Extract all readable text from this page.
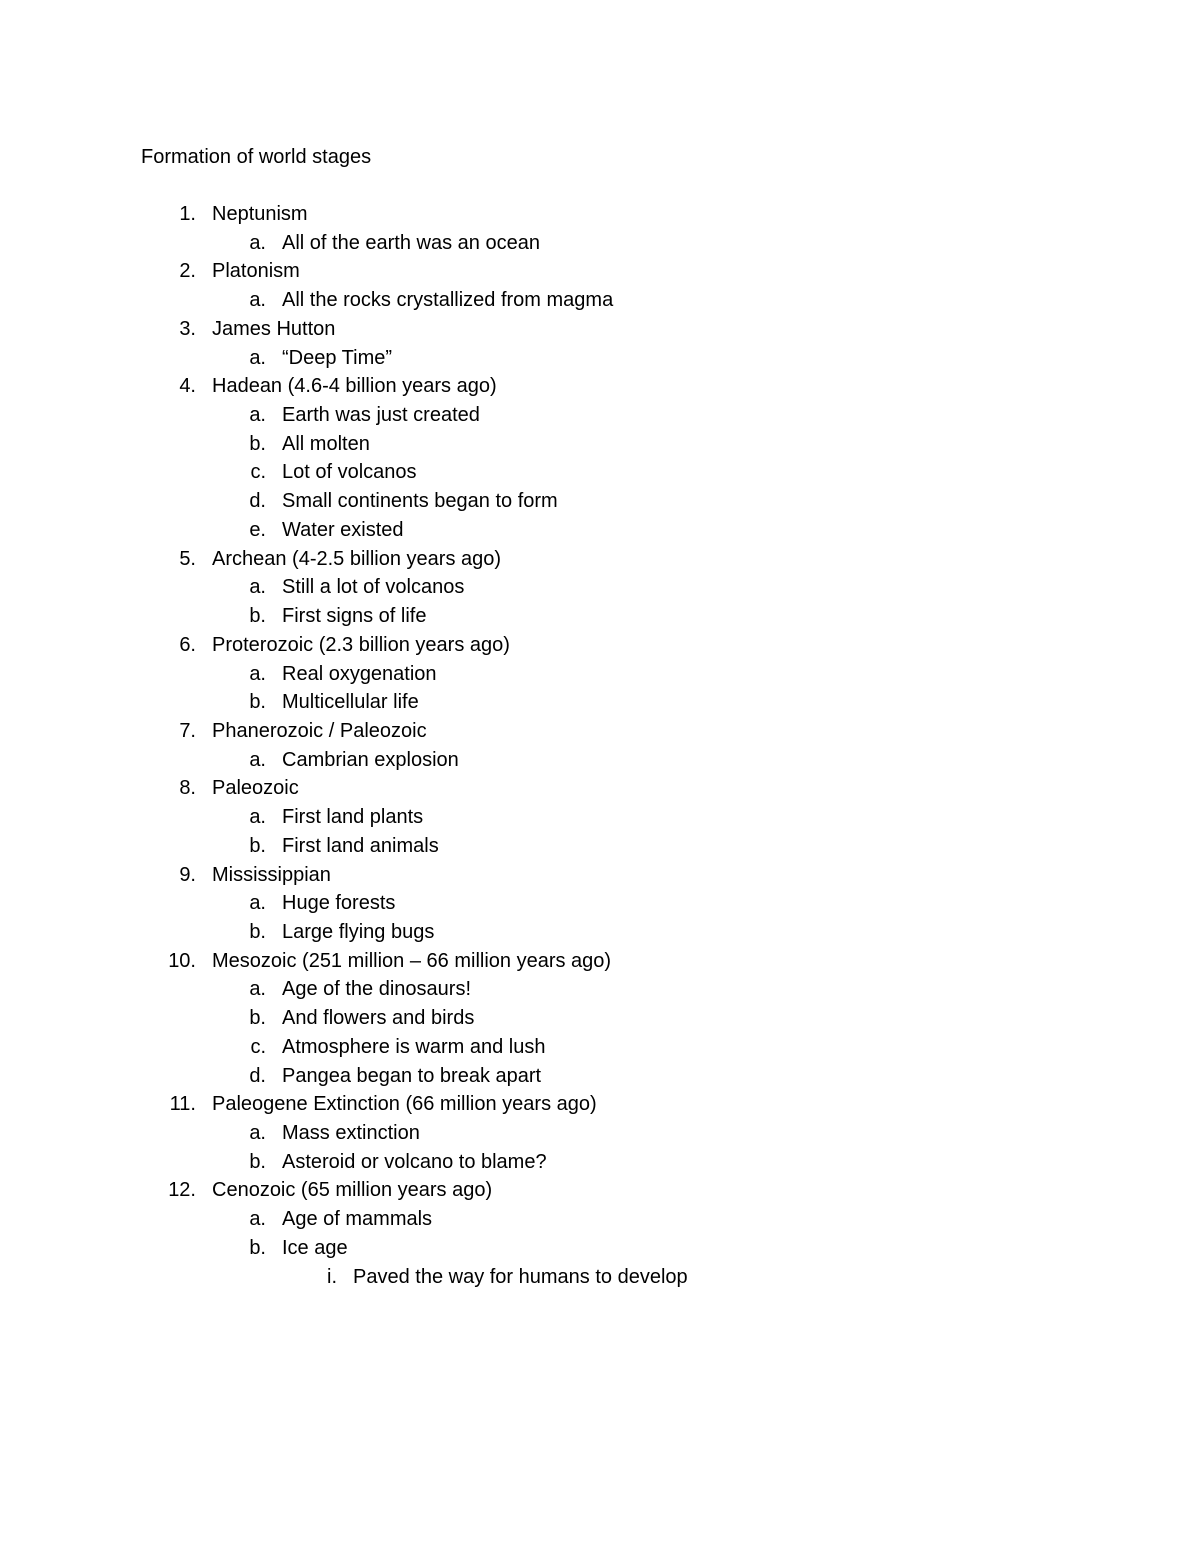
Formation of world stages
1. Neptunism
a. All of the earth was an ocean
2. Platonism
a. All the rocks crystallized from magma
3. James Hutton
a. “Deep Time”
4. Hadean (4.6-4 billion years ago)
a. Earth was just created
b. All molten
c. Lot of volcanos
d. Small continents began to form
e. Water existed
5. Archean (4-2.5 billion years ago)
a. Still a lot of volcanos
b. First signs of life
6. Proterozoic (2.3 billion years ago)
a. Real oxygenation
b. Multicellular life
7. Phanerozoic / Paleozoic
a. Cambrian explosion
8. Paleozoic
a. First land plants
b. First land animals
9. Mississippian
a. Huge forests
b. Large flying bugs
10. Mesozoic (251 million – 66 million years ago)
a. Age of the dinosaurs!
b. And flowers and birds
c. Atmosphere is warm and lush
d. Pangea began to break apart
11. Paleogene Extinction (66 million years ago)
a. Mass extinction
b. Asteroid or volcano to blame?
12. Cenozoic (65 million years ago)
a. Age of mammals
b. Ice age
i. Paved the way for humans to develop
